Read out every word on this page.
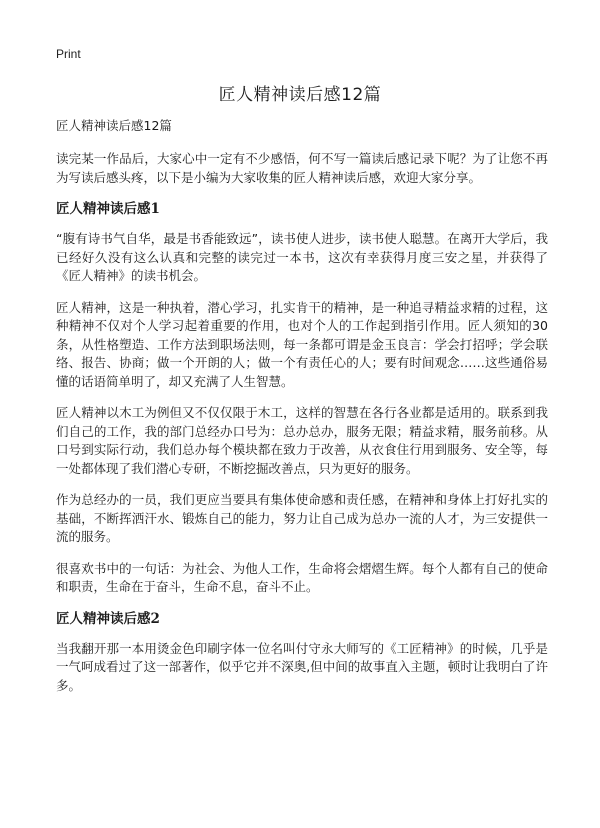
Print
匠人精神读后感12篇
匠人精神读后感12篇

读完某一作品后，大家心中一定有不少感悟，何不写一篇读后感记录下呢？为了让您不再为写读后感头疼，以下是小编为大家收集的匠人精神读后感，欢迎大家分享。

匠人精神读后感1

“腹有诗书气自华，最是书香能致远”，读书使人进步，读书使人聪慧。在离开大学后，我已经好久没有这么认真和完整的读完过一本书，这次有幸获得月度三安之星，并获得了《匠人精神》的读书机会。

匠人精神，这是一种执着，潜心学习，扎实肯干的精神，是一种追寻精益求精的过程，这种精神不仅对个人学习起着重要的作用，也对个人的工作起到指引作用。匠人须知的30条，从性格塑造、工作方法到职场法则，每一条都可谓是金玉良言：学会打招呼；学会联络、报告、协商；做一个开朗的人；做一个有责任心的人；要有时间观念……这些通俗易懂的话语简单明了，却又充满了人生智慧。

匠人精神以木工为例但又不仅仅限于木工，这样的智慧在各行各业都是适用的。联系到我们自己的工作，我的部门总经办口号为：总办总办，服务无限；精益求精，服务前移。从口号到实际行动，我们总办每个模块都在致力于改善，从衣食住行用到服务、安全等，每一处都体现了我们潜心专研，不断挖掘改善点，只为更好的服务。

作为总经办的一员，我们更应当要具有集体使命感和责任感，在精神和身体上打好扎实的基础，不断挥洒汗水、锻炼自己的能力，努力让自己成为总办一流的人才，为三安提供一流的服务。

很喜欢书中的一句话：为社会、为他人工作，生命将会熠熠生辉。每个人都有自己的使命和职责，生命在于奋斗，生命不息，奋斗不止。

匠人精神读后感2

当我翻开那一本用烫金色印刷字体一位名叫付守永大师写的《工匠精神》的时候，几乎是一气呵成看过了这一部著作，似乎它并不深奥,但中间的故事直入主题，顿时让我明白了许多。
